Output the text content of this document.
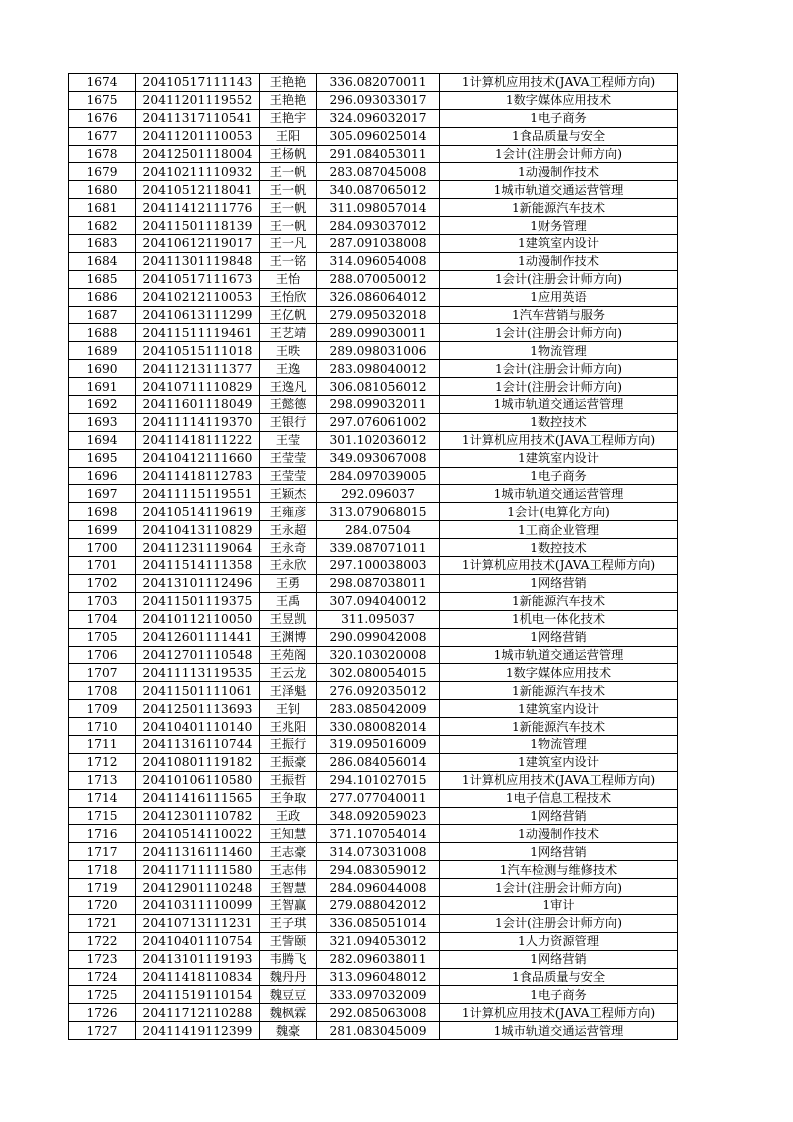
1674	20410517111143	王艳艳	336.082070011	1计算机应用技术(JAVA工程师方向)
1675	20411201119552	王艳艳	296.093033017	1数字媒体应用技术
1676	20411317110541	王艳宇	324.096032017	1电子商务
1677	20411201110053	王阳	305.096025014	1食品质量与安全
1678	20412501118004	王杨帆	291.084053011	1会计(注册会计师方向)
1679	20410211110932	王一帆	283.087045008	1动漫制作技术
1680	20410512118041	王一帆	340.087065012	1城市轨道交通运营管理
1681	20411412111776	王一帆	311.098057014	1新能源汽车技术
1682	20411501118139	王一帆	284.093037012	1财务管理
1683	20410612119017	王一凡	287.091038008	1建筑室内设计
1684	20411301119848	王一铭	314.096054008	1动漫制作技术
1685	20410517111673	王怡	288.070050012	1会计(注册会计师方向)
1686	20410212110053	王怡欣	326.086064012	1应用英语
1687	20410613111299	王亿帆	279.095032018	1汽车营销与服务
1688	20411511119461	王艺靖	289.099030011	1会计(注册会计师方向)
1689	20410515111018	王昳	289.098031006	1物流管理
1690	20411213111377	王逸	283.098040012	1会计(注册会计师方向)
1691	20410711110829	王逸凡	306.081056012	1会计(注册会计师方向)
1692	20411601118049	王懿德	298.099032011	1城市轨道交通运营管理
1693	20411114119370	王银行	297.076061002	1数控技术
1694	20411418111222	王莹	301.102036012	1计算机应用技术(JAVA工程师方向)
1695	20410412111660	王莹莹	349.093067008	1建筑室内设计
1696	20411418112783	王莹莹	284.097039005	1电子商务
1697	20411115119551	王颖杰	292.096037	1城市轨道交通运营管理
1698	20410514119619	王雍彦	313.079068015	1会计(电算化方向)
1699	20410413110829	王永超	284.07504	1工商企业管理
1700	20411231119064	王永奇	339.087071011	1数控技术
1701	20411514111358	王永欣	297.100038003	1计算机应用技术(JAVA工程师方向)
1702	20413101112496	王勇	298.087038011	1网络营销
1703	20411501119375	王禹	307.094040012	1新能源汽车技术
1704	20410112110050	王昱凯	311.095037	1机电一体化技术
1705	20412601111441	王渊博	290.099042008	1网络营销
1706	20412701110548	王苑阁	320.103020008	1城市轨道交通运营管理
1707	20411113119535	王云龙	302.080054015	1数字媒体应用技术
1708	20411501111061	王泽魁	276.092035012	1新能源汽车技术
1709	20412501113693	王钊	283.085042009	1建筑室内设计
1710	20410401110140	王兆阳	330.080082014	1新能源汽车技术
1711	20411316110744	王振行	319.095016009	1物流管理
1712	20410801119182	王振豪	286.084056014	1建筑室内设计
1713	20410106110580	王振哲	294.101027015	1计算机应用技术(JAVA工程师方向)
1714	20411416111565	王争取	277.077040011	1电子信息工程技术
1715	20412301110782	王政	348.092059023	1网络营销
1716	20410514110022	王知慧	371.107054014	1动漫制作技术
1717	20411316111460	王志豪	314.073031008	1网络营销
1718	20411711111580	王志伟	294.083059012	1汽车检测与维修技术
1719	20412901110248	王智慧	284.096044008	1会计(注册会计师方向)
1720	20410311110099	王智赢	279.088042012	1审计
1721	20410713111231	王子琪	336.085051014	1会计(注册会计师方向)
1722	20410401110754	王訾颐	321.094053012	1人力资源管理
1723	20413101119193	韦腾飞	282.096038011	1网络营销
1724	20411418110834	魏丹丹	313.096048012	1食品质量与安全
1725	20411519110154	魏豆豆	333.097032009	1电子商务
1726	20411712110288	魏枫霖	292.085063008	1计算机应用技术(JAVA工程师方向)
1727	20411419112399	魏豪	281.083045009	1城市轨道交通运营管理
